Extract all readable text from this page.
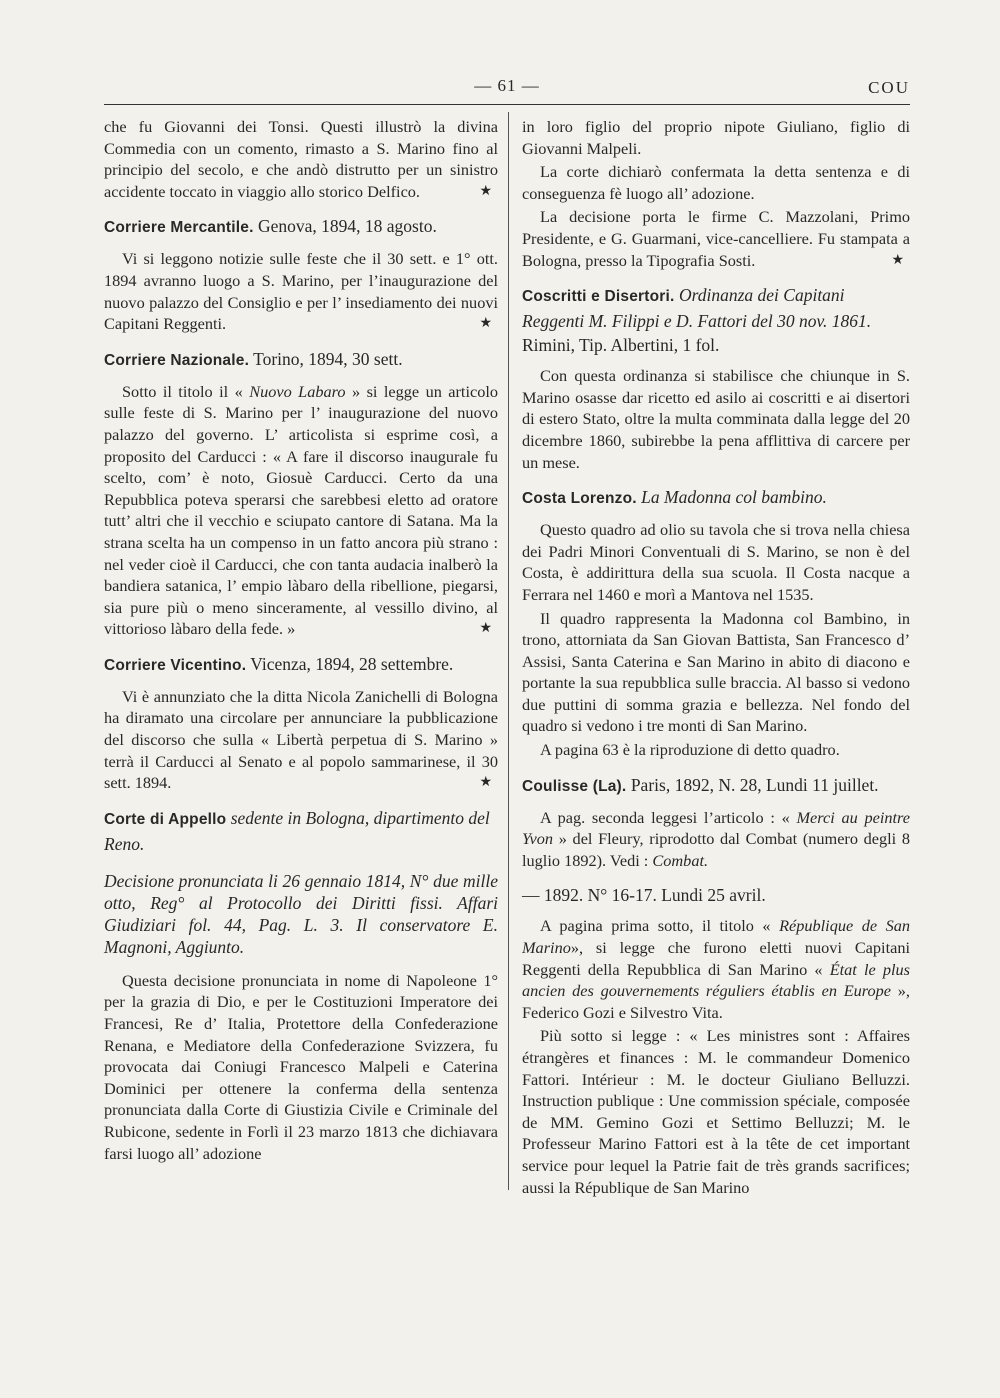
— 61 —	COU

che fu Giovanni dei Tonsi. Questi illustrò la divina Commedia con un comento, rimasto a S. Marino fino al principio del secolo, e che andò distrutto per un sinistro accidente toccato in viaggio allo storico Delfico.	★

Corriere Mercantile. Genova, 1894, 18 agosto.

Vi si leggono notizie sulle feste che il 30 sett. e 1° ott. 1894 avranno luogo a S. Marino, per l’inaugurazione del nuovo palazzo del Consiglio e per l’ insediamento dei nuovi Capitani Reggenti.	★

Corriere Nazionale. Torino, 1894, 30 sett.

Sotto il titolo il « Nuovo Labaro » si legge un articolo sulle feste di S. Marino per l’ inaugurazione del nuovo palazzo del governo. L’ articolista si esprime così, a proposito del Carducci : « A fare il discorso inaugurale fu scelto, com’ è noto, Giosuè Carducci. Certo da una Repubblica poteva sperarsi che sarebbesi eletto ad oratore tutt’ altri che il vecchio e sciupato cantore di Satana. Ma la strana scelta ha un compenso in un fatto ancora più strano : nel veder cioè il Carducci, che con tanta audacia inalberò la bandiera satanica, l’ empio làbaro della ribellione, piegarsi, sia pure più o meno sinceramente, al vessillo divino, al vittorioso làbaro della fede. »	★

Corriere Vicentino. Vicenza, 1894, 28 settembre.

Vi è annunziato che la ditta Nicola Zanichelli di Bologna ha diramato una circolare per annunciare la pubblicazione del discorso che sulla « Libertà perpetua di S. Marino » terrà il Carducci al Senato e al popolo sammarinese, il 30 sett. 1894.	★

Corte di Appello sedente in Bologna, dipartimento del Reno.
Decisione pronunciata li 26 gennaio 1814, N° due mille otto, Reg° al Protocollo dei Diritti fissi. Affari Giudiziari fol. 44, Pag. L. 3. Il conservatore E. Magnoni, Aggiunto.

Questa decisione pronunciata in nome di Napoleone 1° per la grazia di Dio, e per le Costituzioni Imperatore dei Francesi, Re d’ Italia, Protettore della Confederazione Renana, e Mediatore della Confederazione Svizzera, fu provocata dai Coniugi Francesco Malpeli e Caterina Dominici per ottenere la conferma della sentenza pronunciata dalla Corte di Giustizia Civile e Criminale del Rubicone, sedente in Forlì il 23 marzo 1813 che dichiavara farsi luogo all’ adozione

in loro figlio del proprio nipote Giuliano, figlio di Giovanni Malpeli.

La corte dichiarò confermata la detta sentenza e di conseguenza fè luogo all’ adozione.

La decisione porta le firme C. Mazzolani, Primo Presidente, e G. Guarmani, vice-cancelliere. Fu stampata a Bologna, presso la Tipografia Sosti.	★

Coscritti e Disertori. Ordinanza dei Capitani Reggenti M. Filippi e D. Fattori del 30 nov. 1861. Rimini, Tip. Albertini, 1 fol.

Con questa ordinanza si stabilisce che chiunque in S. Marino osasse dar ricetto ed asilo ai coscritti e ai disertori di estero Stato, oltre la multa comminata dalla legge del 20 dicembre 1860, subirebbe la pena afflittiva di carcere per un mese.

Costa Lorenzo. La Madonna col bambino.

Questo quadro ad olio su tavola che si trova nella chiesa dei Padri Minori Conventuali di S. Marino, se non è del Costa, è addirittura della sua scuola. Il Costa nacque a Ferrara nel 1460 e morì a Mantova nel 1535.

Il quadro rappresenta la Madonna col Bambino, in trono, attorniata da San Giovan Battista, San Francesco d’ Assisi, Santa Caterina e San Marino in abito di diacono e portante la sua repubblica sulle braccia. Al basso si vedono due puttini di somma grazia e bellezza. Nel fondo del quadro si vedono i tre monti di San Marino.

A pagina 63 è la riproduzione di detto quadro.

Coulisse (La). Paris, 1892, N. 28, Lundi 11 juillet.

A pag. seconda leggesi l’articolo : « Merci au peintre Yvon » del Fleury, riprodotto dal Combat (numero degli 8 luglio 1892). Vedi : Combat.

— 1892. N° 16-17. Lundi 25 avril.

A pagina prima sotto, il titolo « République de San Marino», si legge che furono eletti nuovi Capitani Reggenti della Repubblica di San Marino « État le plus ancien des gouvernements réguliers établis en Europe », Federico Gozi e Silvestro Vita.

Più sotto si legge : « Les ministres sont : Affaires étrangères et finances : M. le commandeur Domenico Fattori. Intérieur : M. le docteur Giuliano Belluzzi. Instruction publique : Une commission spéciale, composée de MM. Gemino Gozi et Settimo Belluzzi; M. le Professeur Marino Fattori est à la tête de cet important service pour lequel la Patrie fait de très grands sacrifices; aussi la République de San Marino
